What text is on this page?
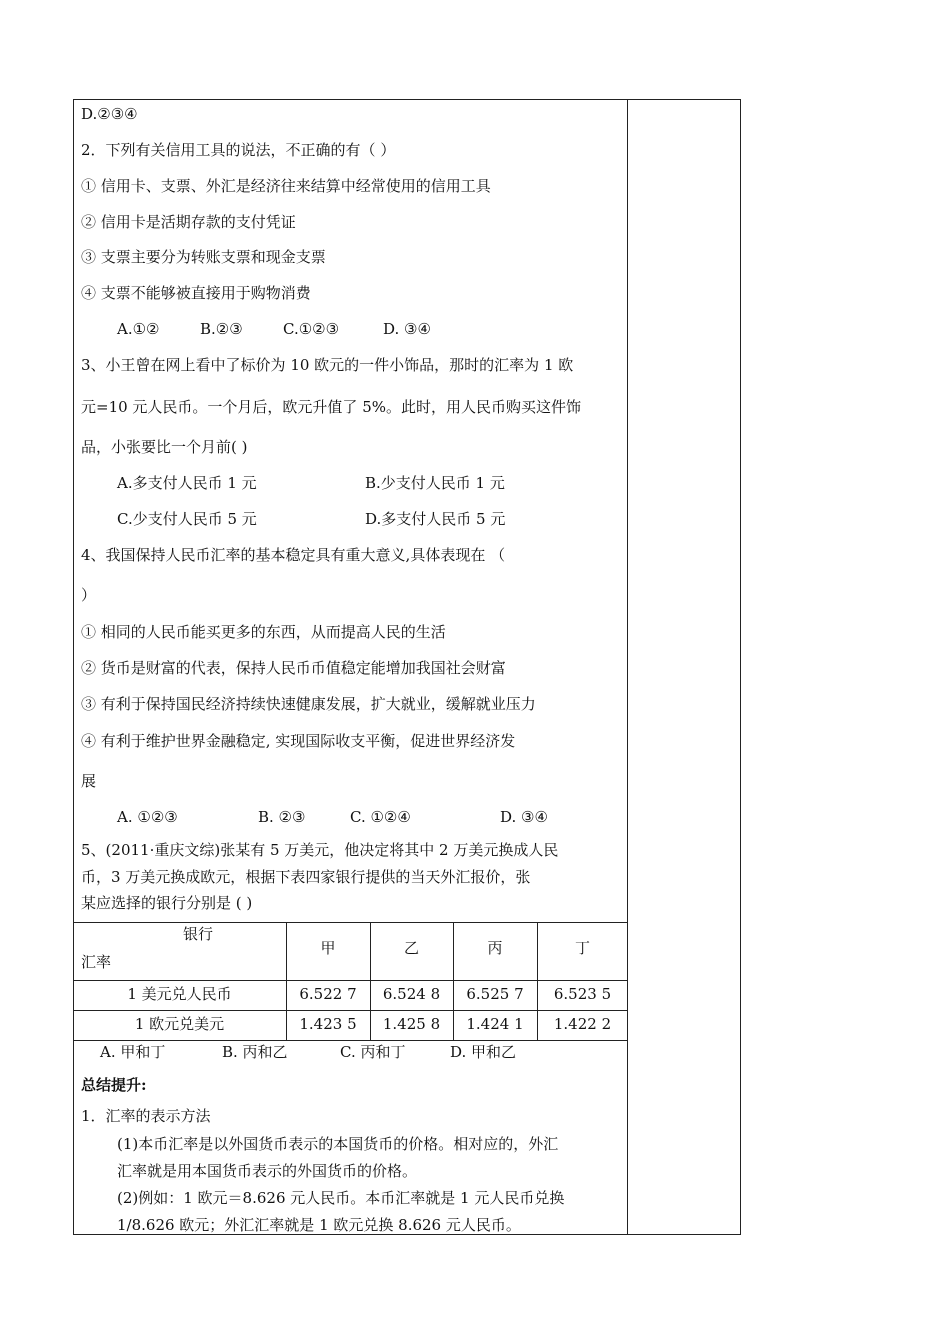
D.②③④
2．下列有关信用工具的说法，不正确的有（ ）
① 信用卡、支票、外汇是经济往来结算中经常使用的信用工具
② 信用卡是活期存款的支付凭证
③ 支票主要分为转账支票和现金支票
④ 支票不能够被直接用于购物消费
A.①②	B.②③	C.①②③	D. ③④
3、小王曾在网上看中了标价为 10 欧元的一件小饰品，那时的汇率为 1 欧
元=10 元人民币。一个月后，欧元升值了 5%。此时，用人民币购买这件饰
品，小张要比一个月前( )
A.多支付人民币 1 元	B.少支付人民币 1 元
C.少支付人民币 5 元	D.多支付人民币 5 元
4、我国保持人民币汇率的基本稳定具有重大意义,具体表现在 （
）
① 相同的人民币能买更多的东西，从而提高人民的生活
② 货币是财富的代表，保持人民币币值稳定能增加我国社会财富
③ 有利于保持国民经济持续快速健康发展，扩大就业，缓解就业压力
④ 有利于维护世界金融稳定, 实现国际收支平衡，促进世界经济发
展
A. ①②③	B. ②③	C. ①②④	D. ③④
5、(2011·重庆文综)张某有 5 万美元，他决定将其中 2 万美元换成人民
币，3 万美元换成欧元，根据下表四家银行提供的当天外汇报价，张
某应选择的银行分别是 ( )
银行
汇率
甲	乙	丙	丁
1 美元兑人民币	6.522 7	6.524 8	6.525 7	6.523 5
1 欧元兑美元	1.423 5	1.425 8	1.424 1	1.422 2
A. 甲和丁	B. 丙和乙	C. 丙和丁	D. 甲和乙
总结提升:
1．汇率的表示方法
(1)本币汇率是以外国货币表示的本国货币的价格。相对应的，外汇
汇率就是用本国货币表示的外国货币的价格。
(2)例如：1 欧元＝8.626 元人民币。本币汇率就是 1 元人民币兑换
1/8.626 欧元；外汇汇率就是 1 欧元兑换 8.626 元人民币。
